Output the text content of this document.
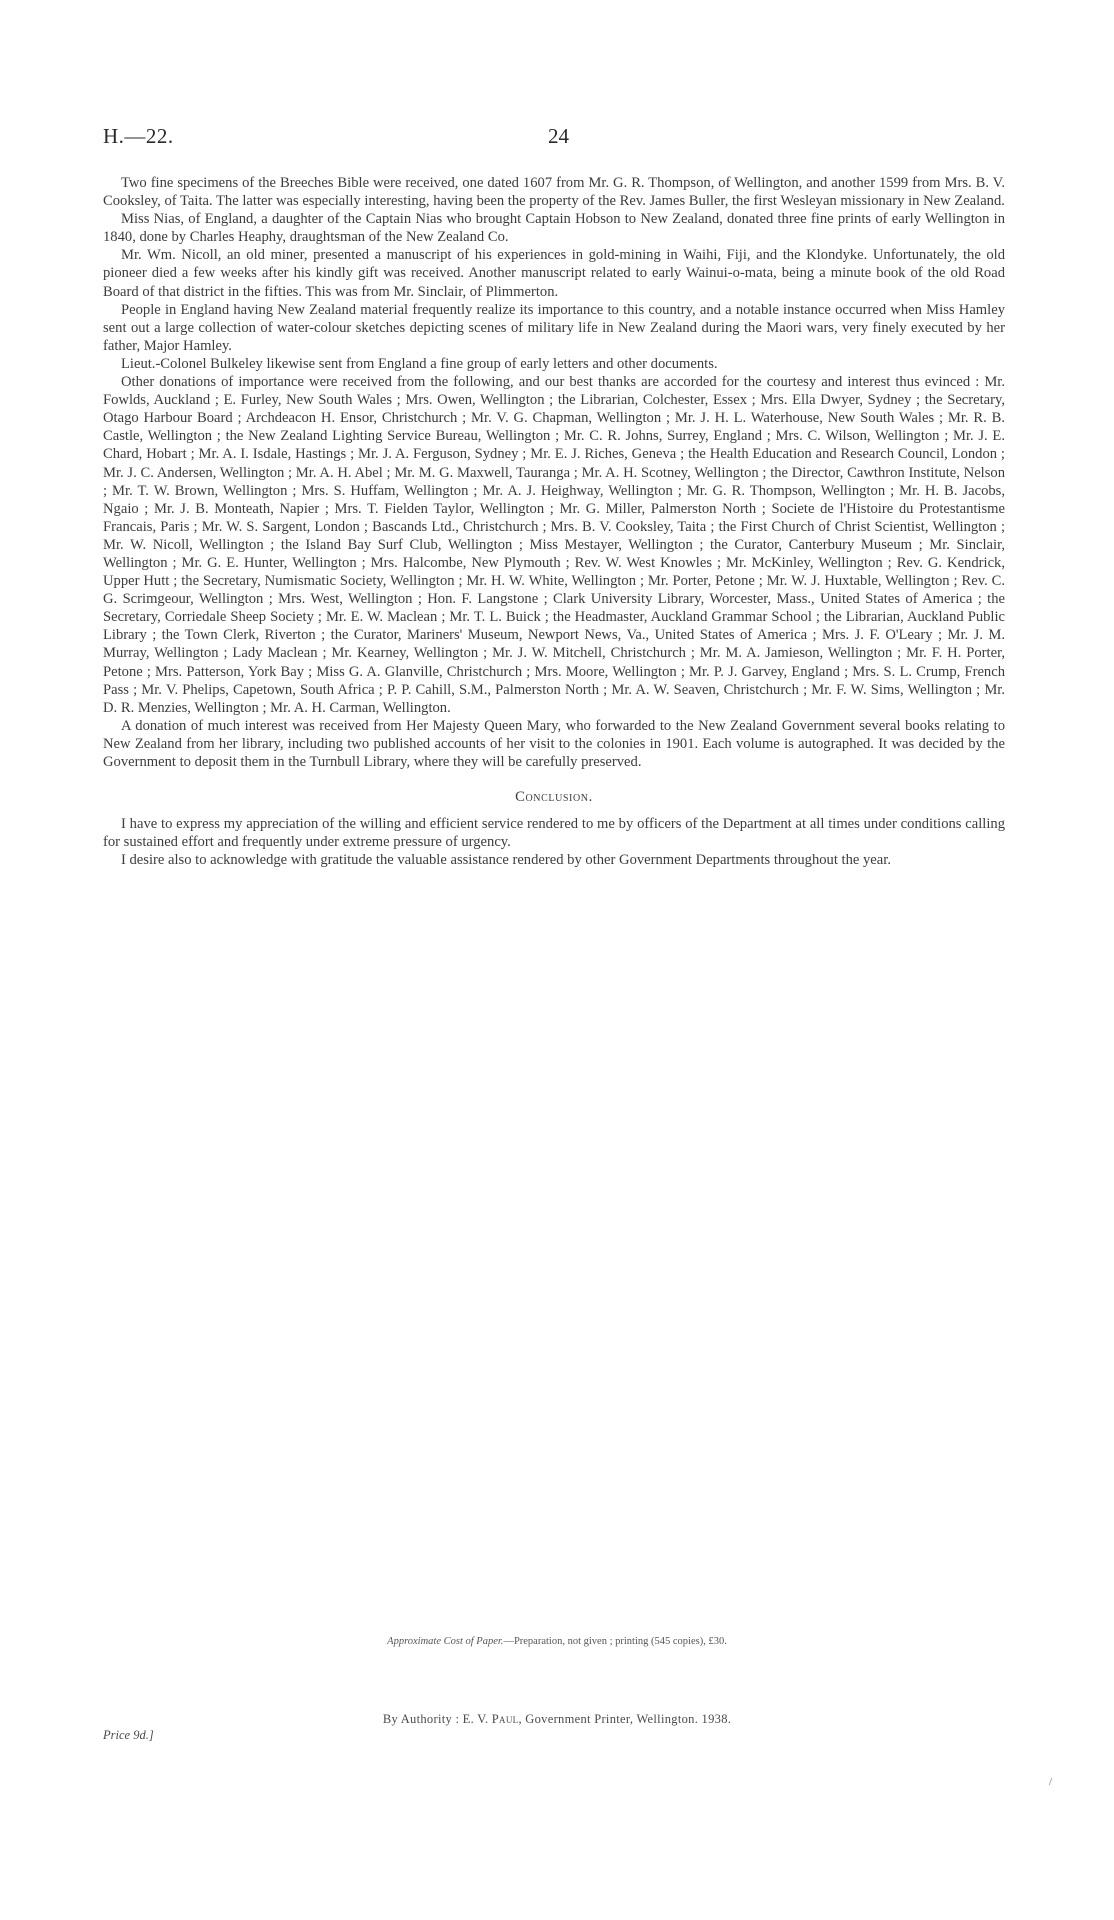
H.—22.	24

Two fine specimens of the Breeches Bible were received, one dated 1607 from Mr. G. R. Thompson, of Wellington, and another 1599 from Mrs. B. V. Cooksley, of Taita. The latter was especially interesting, having been the property of the Rev. James Buller, the first Wesleyan missionary in New Zealand.

Miss Nias, of England, a daughter of the Captain Nias who brought Captain Hobson to New Zealand, donated three fine prints of early Wellington in 1840, done by Charles Heaphy, draughtsman of the New Zealand Co.

Mr. Wm. Nicoll, an old miner, presented a manuscript of his experiences in gold-mining in Waihi, Fiji, and the Klondyke. Unfortunately, the old pioneer died a few weeks after his kindly gift was received. Another manuscript related to early Wainui-o-mata, being a minute book of the old Road Board of that district in the fifties. This was from Mr. Sinclair, of Plimmerton.

People in England having New Zealand material frequently realize its importance to this country, and a notable instance occurred when Miss Hamley sent out a large collection of water-colour sketches depicting scenes of military life in New Zealand during the Maori wars, very finely executed by her father, Major Hamley.

Lieut.-Colonel Bulkeley likewise sent from England a fine group of early letters and other documents.

Other donations of importance were received from the following, and our best thanks are accorded for the courtesy and interest thus evinced : Mr. Fowlds, Auckland ; E. Furley, New South Wales ; Mrs. Owen, Wellington ; the Librarian, Colchester, Essex ; Mrs. Ella Dwyer, Sydney ; the Secretary, Otago Harbour Board ; Archdeacon H. Ensor, Christchurch ; Mr. V. G. Chapman, Wellington ; Mr. J. H. L. Waterhouse, New South Wales ; Mr. R. B. Castle, Wellington ; the New Zealand Lighting Service Bureau, Wellington ; Mr. C. R. Johns, Surrey, England ; Mrs. C. Wilson, Wellington ; Mr. J. E. Chard, Hobart ; Mr. A. I. Isdale, Hastings ; Mr. J. A. Ferguson, Sydney ; Mr. E. J. Riches, Geneva ; the Health Education and Research Council, London ; Mr. J. C. Andersen, Wellington ; Mr. A. H. Abel ; Mr. M. G. Maxwell, Tauranga ; Mr. A. H. Scotney, Wellington ; the Director, Cawthron Institute, Nelson ; Mr. T. W. Brown, Wellington ; Mrs. S. Huffam, Wellington ; Mr. A. J. Heighway, Wellington ; Mr. G. R. Thompson, Wellington ; Mr. H. B. Jacobs, Ngaio ; Mr. J. B. Monteath, Napier ; Mrs. T. Fielden Taylor, Wellington ; Mr. G. Miller, Palmerston North ; Societe de l'Histoire du Protestantisme Francais, Paris ; Mr. W. S. Sargent, London ; Bascands Ltd., Christchurch ; Mrs. B. V. Cooksley, Taita ; the First Church of Christ Scientist, Wellington ; Mr. W. Nicoll, Wellington ; the Island Bay Surf Club, Wellington ; Miss Mestayer, Wellington ; the Curator, Canterbury Museum ; Mr. Sinclair, Wellington ; Mr. G. E. Hunter, Wellington ; Mrs. Halcombe, New Plymouth ; Rev. W. West Knowles ; Mr. McKinley, Wellington ; Rev. G. Kendrick, Upper Hutt ; the Secretary, Numismatic Society, Wellington ; Mr. H. W. White, Wellington ; Mr. Porter, Petone ; Mr. W. J. Huxtable, Wellington ; Rev. C. G. Scrimgeour, Wellington ; Mrs. West, Wellington ; Hon. F. Langstone ; Clark University Library, Worcester, Mass., United States of America ; the Secretary, Corriedale Sheep Society ; Mr. E. W. Maclean ; Mr. T. L. Buick ; the Headmaster, Auckland Grammar School ; the Librarian, Auckland Public Library ; the Town Clerk, Riverton ; the Curator, Mariners' Museum, Newport News, Va., United States of America ; Mrs. J. F. O'Leary ; Mr. J. M. Murray, Wellington ; Lady Maclean ; Mr. Kearney, Wellington ; Mr. J. W. Mitchell, Christchurch ; Mr. M. A. Jamieson, Wellington ; Mr. F. H. Porter, Petone ; Mrs. Patterson, York Bay ; Miss G. A. Glanville, Christchurch ; Mrs. Moore, Wellington ; Mr. P. J. Garvey, England ; Mrs. S. L. Crump, French Pass ; Mr. V. Phelips, Capetown, South Africa ; P. P. Cahill, S.M., Palmerston North ; Mr. A. W. Seaven, Christchurch ; Mr. F. W. Sims, Wellington ; Mr. D. R. Menzies, Wellington ; Mr. A. H. Carman, Wellington.

A donation of much interest was received from Her Majesty Queen Mary, who forwarded to the New Zealand Government several books relating to New Zealand from her library, including two published accounts of her visit to the colonies in 1901. Each volume is autographed. It was decided by the Government to deposit them in the Turnbull Library, where they will be carefully preserved.

Conclusion.

I have to express my appreciation of the willing and efficient service rendered to me by officers of the Department at all times under conditions calling for sustained effort and frequently under extreme pressure of urgency.

I desire also to acknowledge with gratitude the valuable assistance rendered by other Government Departments throughout the year.

Approximate Cost of Paper.—Preparation, not given ; printing (545 copies), £30.
By Authority : E. V. Paul, Government Printer, Wellington. 1938.
Price 9d.]
/
